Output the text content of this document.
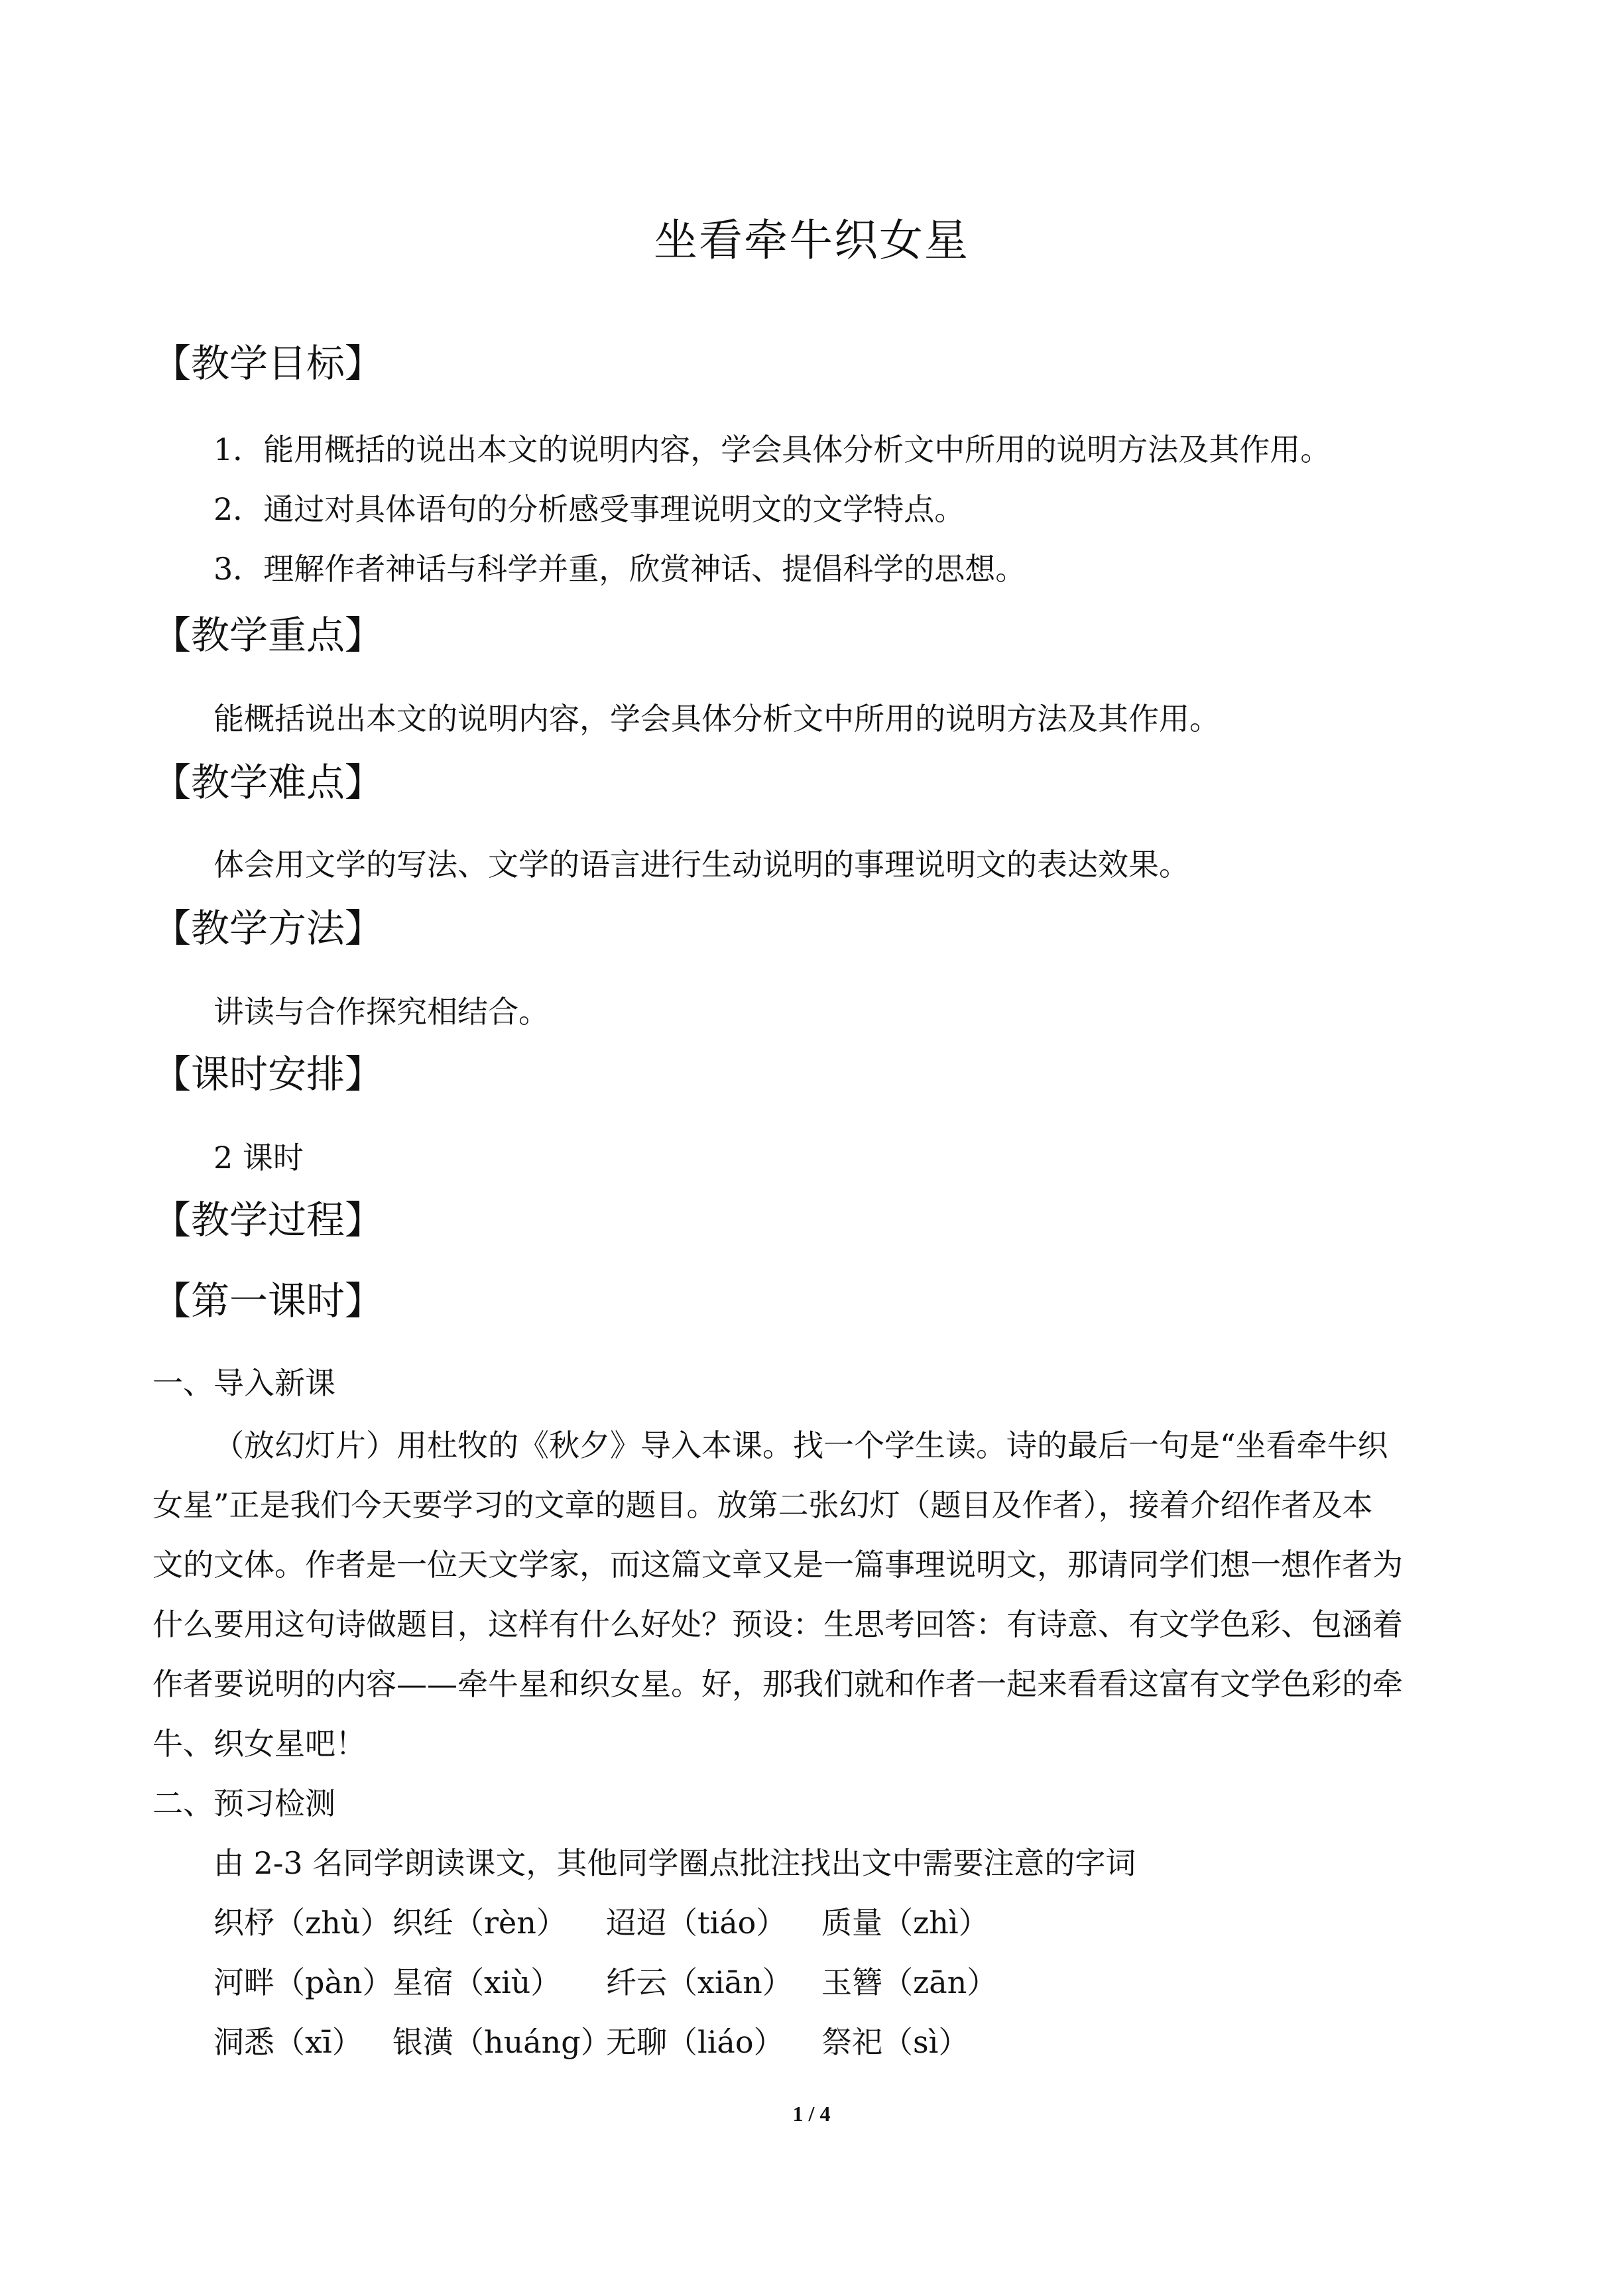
坐看牵牛织女星
【教学目标】
1．能用概括的说出本文的说明内容，学会具体分析文中所用的说明方法及其作用。
2．通过对具体语句的分析感受事理说明文的文学特点。
3．理解作者神话与科学并重，欣赏神话、提倡科学的思想。
【教学重点】
能概括说出本文的说明内容，学会具体分析文中所用的说明方法及其作用。
【教学难点】
体会用文学的写法、文学的语言进行生动说明的事理说明文的表达效果。
【教学方法】
讲读与合作探究相结合。
【课时安排】
2 课时
【教学过程】
【第一课时】
一、导入新课
（放幻灯片）用杜牧的《秋夕》导入本课。找一个学生读。诗的最后一句是“坐看牵牛织
女星”正是我们今天要学习的文章的题目。放第二张幻灯（题目及作者），接着介绍作者及本
文的文体。作者是一位天文学家，而这篇文章又是一篇事理说明文，那请同学们想一想作者为
什么要用这句诗做题目，这样有什么好处？预设：生思考回答：有诗意、有文学色彩、包涵着
作者要说明的内容——牵牛星和织女星。好，那我们就和作者一起来看看这富有文学色彩的牵
牛、织女星吧！
二、预习检测
由 2-3 名同学朗读课文，其他同学圈点批注找出文中需要注意的字词
织杼（zhù）织纴（rèn） 迢迢（tiáo） 质量（zhì）
河畔（pàn）星宿（xiù） 纤云（xiān） 玉簪（zān）
洞悉（xī） 银潢（huáng）无聊（liáo） 祭祀（sì）
1 / 4
